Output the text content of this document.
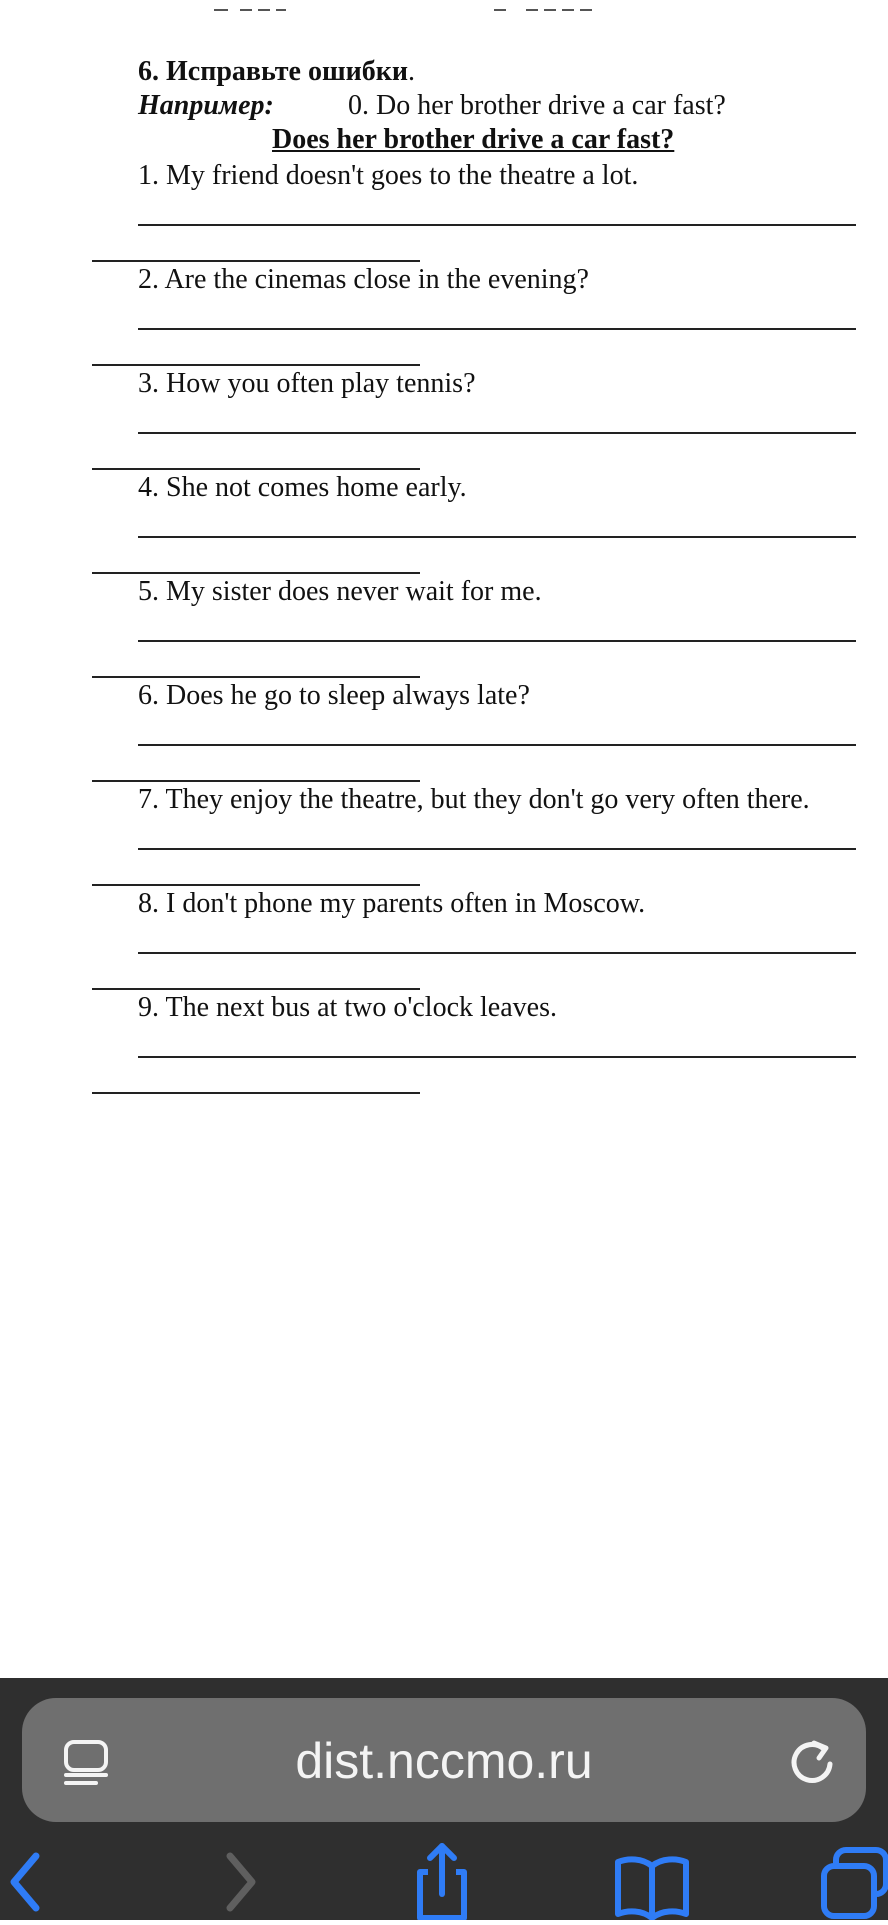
6. Исправьте ошибки.
Например:	0. Do her brother drive a car fast?
Does her brother drive a car fast?
1. My friend doesn't goes to the theatre a lot.
2. Are the cinemas close in the evening?
3. How you often play tennis?
4. She not comes home early.
5. My sister does never wait for me.
6. Does he go to sleep always late?
7. They enjoy the theatre, but they don't go very often there.
8. I don't phone my parents often in Moscow.
9. The next bus at two o'clock leaves.
dist.nccmo.ru
